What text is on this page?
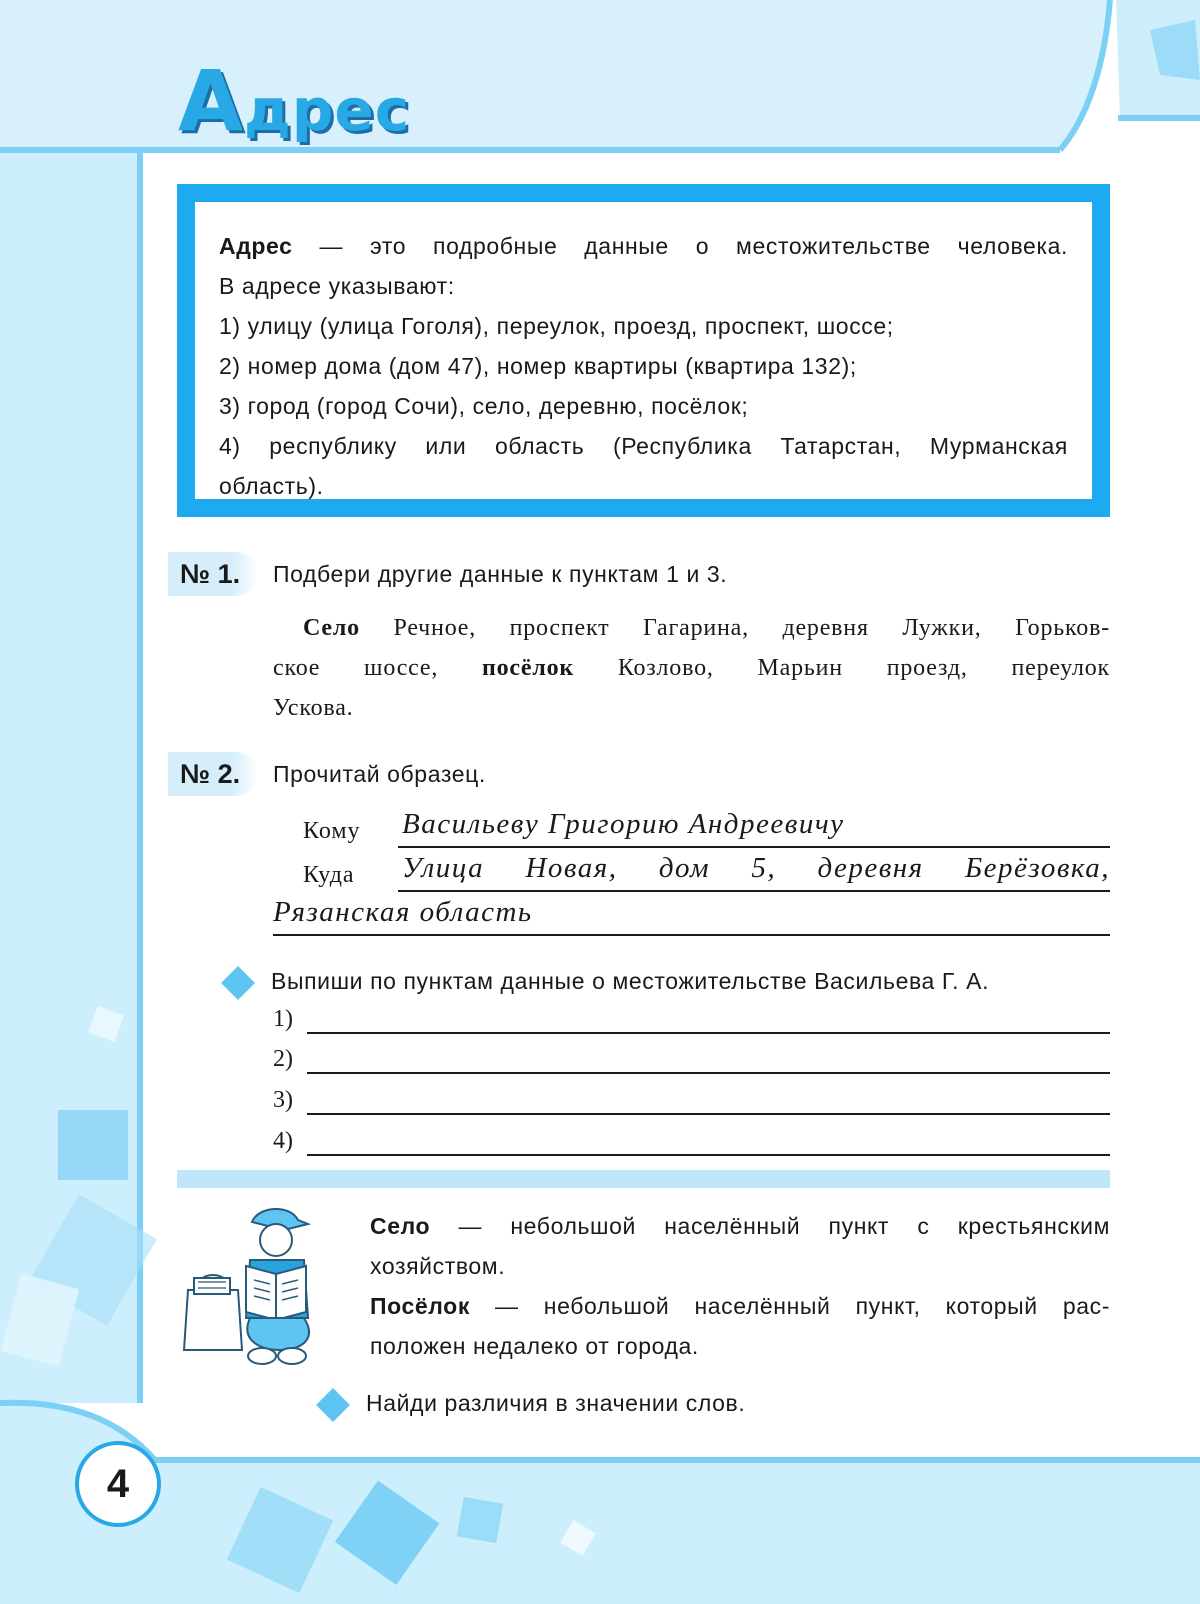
Адрес

Адрес — это подробные данные о местожительстве человека.

В адресе указывают:

1) улицу (улица Гоголя), переулок, проезд, проспект, шоссе;

2) номер дома (дом 47), номер квартиры (квартира 132);

3) город (город Сочи), село, деревню, посёлок;

4) республику или область (Республика Татарстан, Мурманская

область).

№ 1.	Подбери другие данные к пунктам 1 и 3.
Село Речное, проспект Гагарина, деревня Лужки, Горьков-
ское шоссе, посёлок Козлово, Марьин проезд, переулок
Ускова.
№ 2.	Прочитай образец.
Кому Васильеву Григорию Андреевичу
Куда Улица Новая, дом 5, деревня Берёзовка,
Рязанская область
Выпиши по пунктам данные о местожительстве Васильева Г. А.
1)
2)
3)
4)
Село — небольшой населённый пункт с крестьянским
хозяйством.
Посёлок — небольшой населённый пункт, который рас-
положен недалеко от города.
Найди различия в значении слов.
4
